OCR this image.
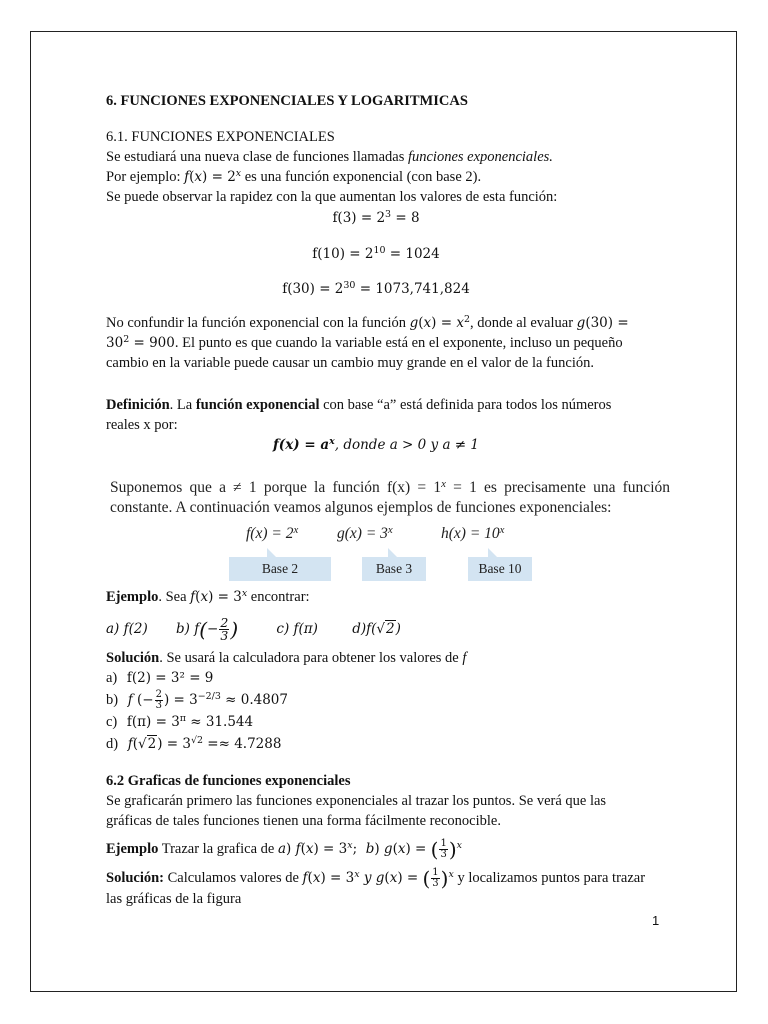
6. FUNCIONES EXPONENCIALES Y LOGARITMICAS
6.1. FUNCIONES EXPONENCIALES
Se estudiará una nueva clase de funciones llamadas funciones exponenciales.
Por ejemplo: $f(x) = 2^x$ es una función exponencial (con base 2).
Se puede observar la rapidez con la que aumentan los valores de esta función:
$f(3) = 2^3 = 8$
$f(10) = 2^{10} = 1024$
$f(30) = 2^{30} = 1073,741,824$
No confundir la función exponencial con la función $g(x) = x^2$, donde al evaluar $g(30) = 30^2 = 900$. El punto es que cuando la variable está en el exponente, incluso un pequeño cambio en la variable puede causar un cambio muy grande en el valor de la función.
Definición. La función exponencial con base “a” está definida para todos los números reales x por:
$f(x) = a^x$, donde a > 0 y a ≠ 1
Suponemos que a ≠ 1 porque la función $f(x) = 1^x = 1$ es precisamente una función constante. A continuación veamos algunos ejemplos de funciones exponenciales:
$f(x) = 2^x$ $g(x) = 3^x$	$h(x) = 10^x$
Base 2	Base 3	Base 10
Ejemplo. Sea $f(x) = 3^x$ encontrar:
a) f(2) b) $f(- \frac{2}{3}$ )	c) f(π)	d)f(√2)
Solución. Se usará la calculadora para obtener los valores de f
a) f(2) = 3² = 9
b) f (− $\frac{2}{3}$ ) = $3^{-2/3} \approx 0.4807$
c) $f(\pi) = 3^\pi \approx 31.544$
d) $f(√2) = 3^{√2} =\approx 4.7288$
6.2 Graficas de funciones exponenciales
Se graficarán primero las funciones exponenciales al trazar los puntos. Se verá que las gráficas de tales funciones tienen una forma fácilmente reconocible.
Ejemplo Trazar la grafica de a) $f(x) = 3^x$;  b) g(x) = ( $\frac{1}{3} )^x$
Solución: Calculamos valores de $f(x) = 3^x$ y g(x) = ( $\frac{1}{3} )^x$ y localizamos puntos para trazar las gráficas de la figura
1
